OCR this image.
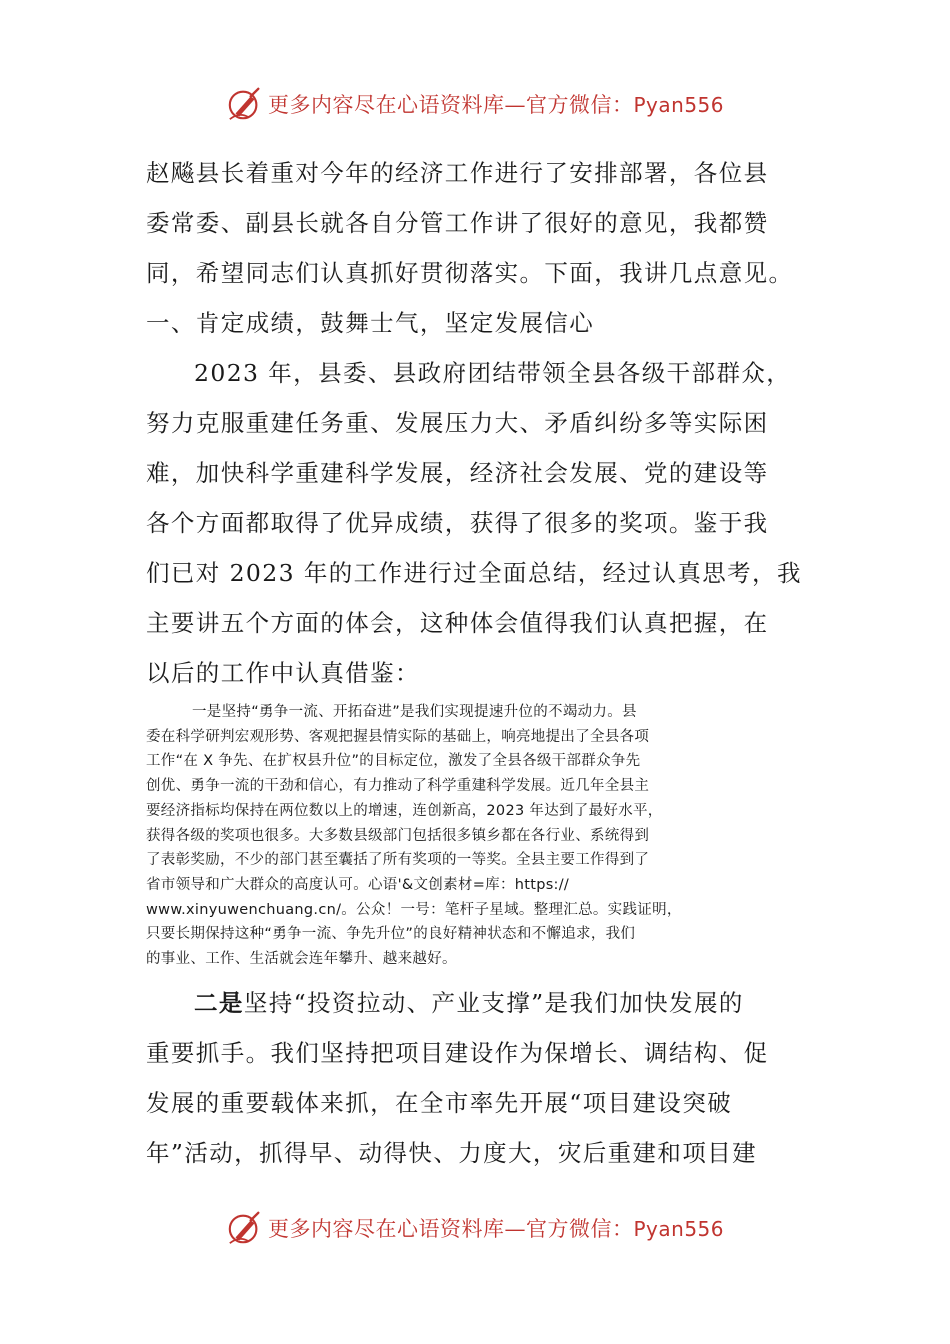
更多内容尽在心语资料库—官方微信：Pyan556

赵飚县长着重对今年的经济工作进行了安排部署，各位县

委常委、副县长就各自分管工作讲了很好的意见，我都赞

同，希望同志们认真抓好贯彻落实。下面，我讲几点意见。

一、肯定成绩，鼓舞士气，坚定发展信心

2023 年，县委、县政府团结带领全县各级干部群众，

努力克服重建任务重、发展压力大、矛盾纠纷多等实际困

难，加快科学重建科学发展，经济社会发展、党的建设等

各个方面都取得了优异成绩，获得了很多的奖项。鉴于我

们已对 2023 年的工作进行过全面总结，经过认真思考，我

主要讲五个方面的体会，这种体会值得我们认真把握，在

以后的工作中认真借鉴：

一是坚持“勇争一流、开拓奋进”是我们实现提速升位的不竭动力。县
委在科学研判宏观形势、客观把握县情实际的基础上，响亮地提出了全县各项
工作“在 X 争先、在扩权县升位”的目标定位，激发了全县各级干部群众争先
创优、勇争一流的干劲和信心，有力推动了科学重建科学发展。近几年全县主
要经济指标均保持在两位数以上的增速，连创新高，2023 年达到了最好水平，
获得各级的奖项也很多。大多数县级部门包括很多镇乡都在各行业、系统得到
了表彰奖励，不少的部门甚至囊括了所有奖项的一等奖。全县主要工作得到了
省市领导和广大群众的高度认可。心语'&文创素材=库：https://
www.xinyuwenchuang.cn/。公众！一号：笔杆子星域。整理汇总。实践证明，
只要长期保持这种“勇争一流、争先升位”的良好精神状态和不懈追求，我们
的事业、工作、生活就会连年攀升、越来越好。

二是坚持“投资拉动、产业支撑”是我们加快发展的

重要抓手。我们坚持把项目建设作为保增长、调结构、促

发展的重要载体来抓，在全市率先开展“项目建设突破

年”活动，抓得早、动得快、力度大，灾后重建和项目建

更多内容尽在心语资料库—官方微信：Pyan556
